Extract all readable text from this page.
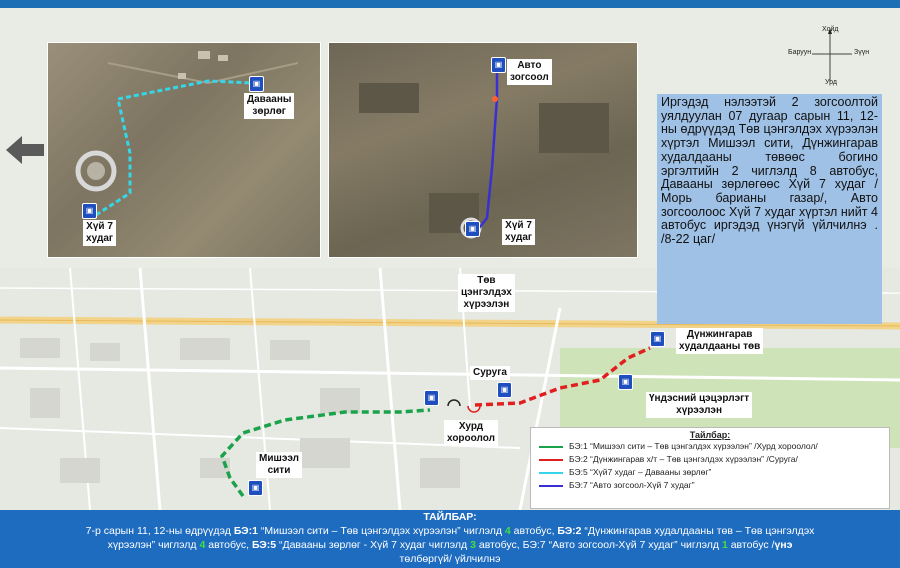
▣
Давааны
зөрлөг
▣
Хүй 7
худаг
▣	Авто
зогсоол
▣	Хүй 7
худаг
Хойд
Баруун	Зүүн
Урд
Иргэдэд нэлээтэй 2 зогсоолтой уялдуулан 07 дугаар сарын 11, 12-ны өдрүүдэд Төв цэнгэлдэх хүрээлэн хүртэл Мишээл сити, Дүнжингарав худалдааны төвөөс богино эргэлтийн 2 чиглэлд 8 автобус, Давааны зөрлөгөөс Хүй 7 худаг /Морь барианы газар/, Авто зогсоолоос Хүй 7 худаг хүртэл нийт 4 автобус иргэдэд үнэгүй үйлчилнэ . /8-22 цаг/
Төв
цэнгэлдэх
хүрээлэн
▣	Дүнжингарав
худалдааны төв
Суруга
▣
▣
Хурд
хороолол
▣
Үндэсний цэцэрлэгт
хүрээлэн
▣
Мишээл
сити
Тайлбар:
БЭ:1 “Мишээл сити – Төв цэнгэлдэх хүрээлэн” /Хурд хороолол/
БЭ:2 “Дүнжингарав х/т – Төв цэнгэлдэх хүрээлэн” /Суруга/
БЭ:5 “Хүй7 худаг – Давааны зөрлөг”
БЭ:7 “Авто зогсоол-Хүй 7 худаг”
ТАЙЛБАР:
7-р сарын 11, 12-ны өдрүүдэд БЭ:1 “Мишээл сити – Төв цэнгэлдэх хүрээлэн” чиглэлд 4 автобус, БЭ:2 “Дүнжингарав худалдааны төв – Төв цэнгэлдэх
хүрээлэн” чиглэлд 4 автобус, БЭ:5 “Давааны зөрлөг - Хүй 7 худаг чиглэлд 3 автобус, БЭ:7 “Авто зогсоол-Хүй 7 худаг” чиглэлд 1 автобус /үнэ
төлбөргүй/ үйлчилнэ
